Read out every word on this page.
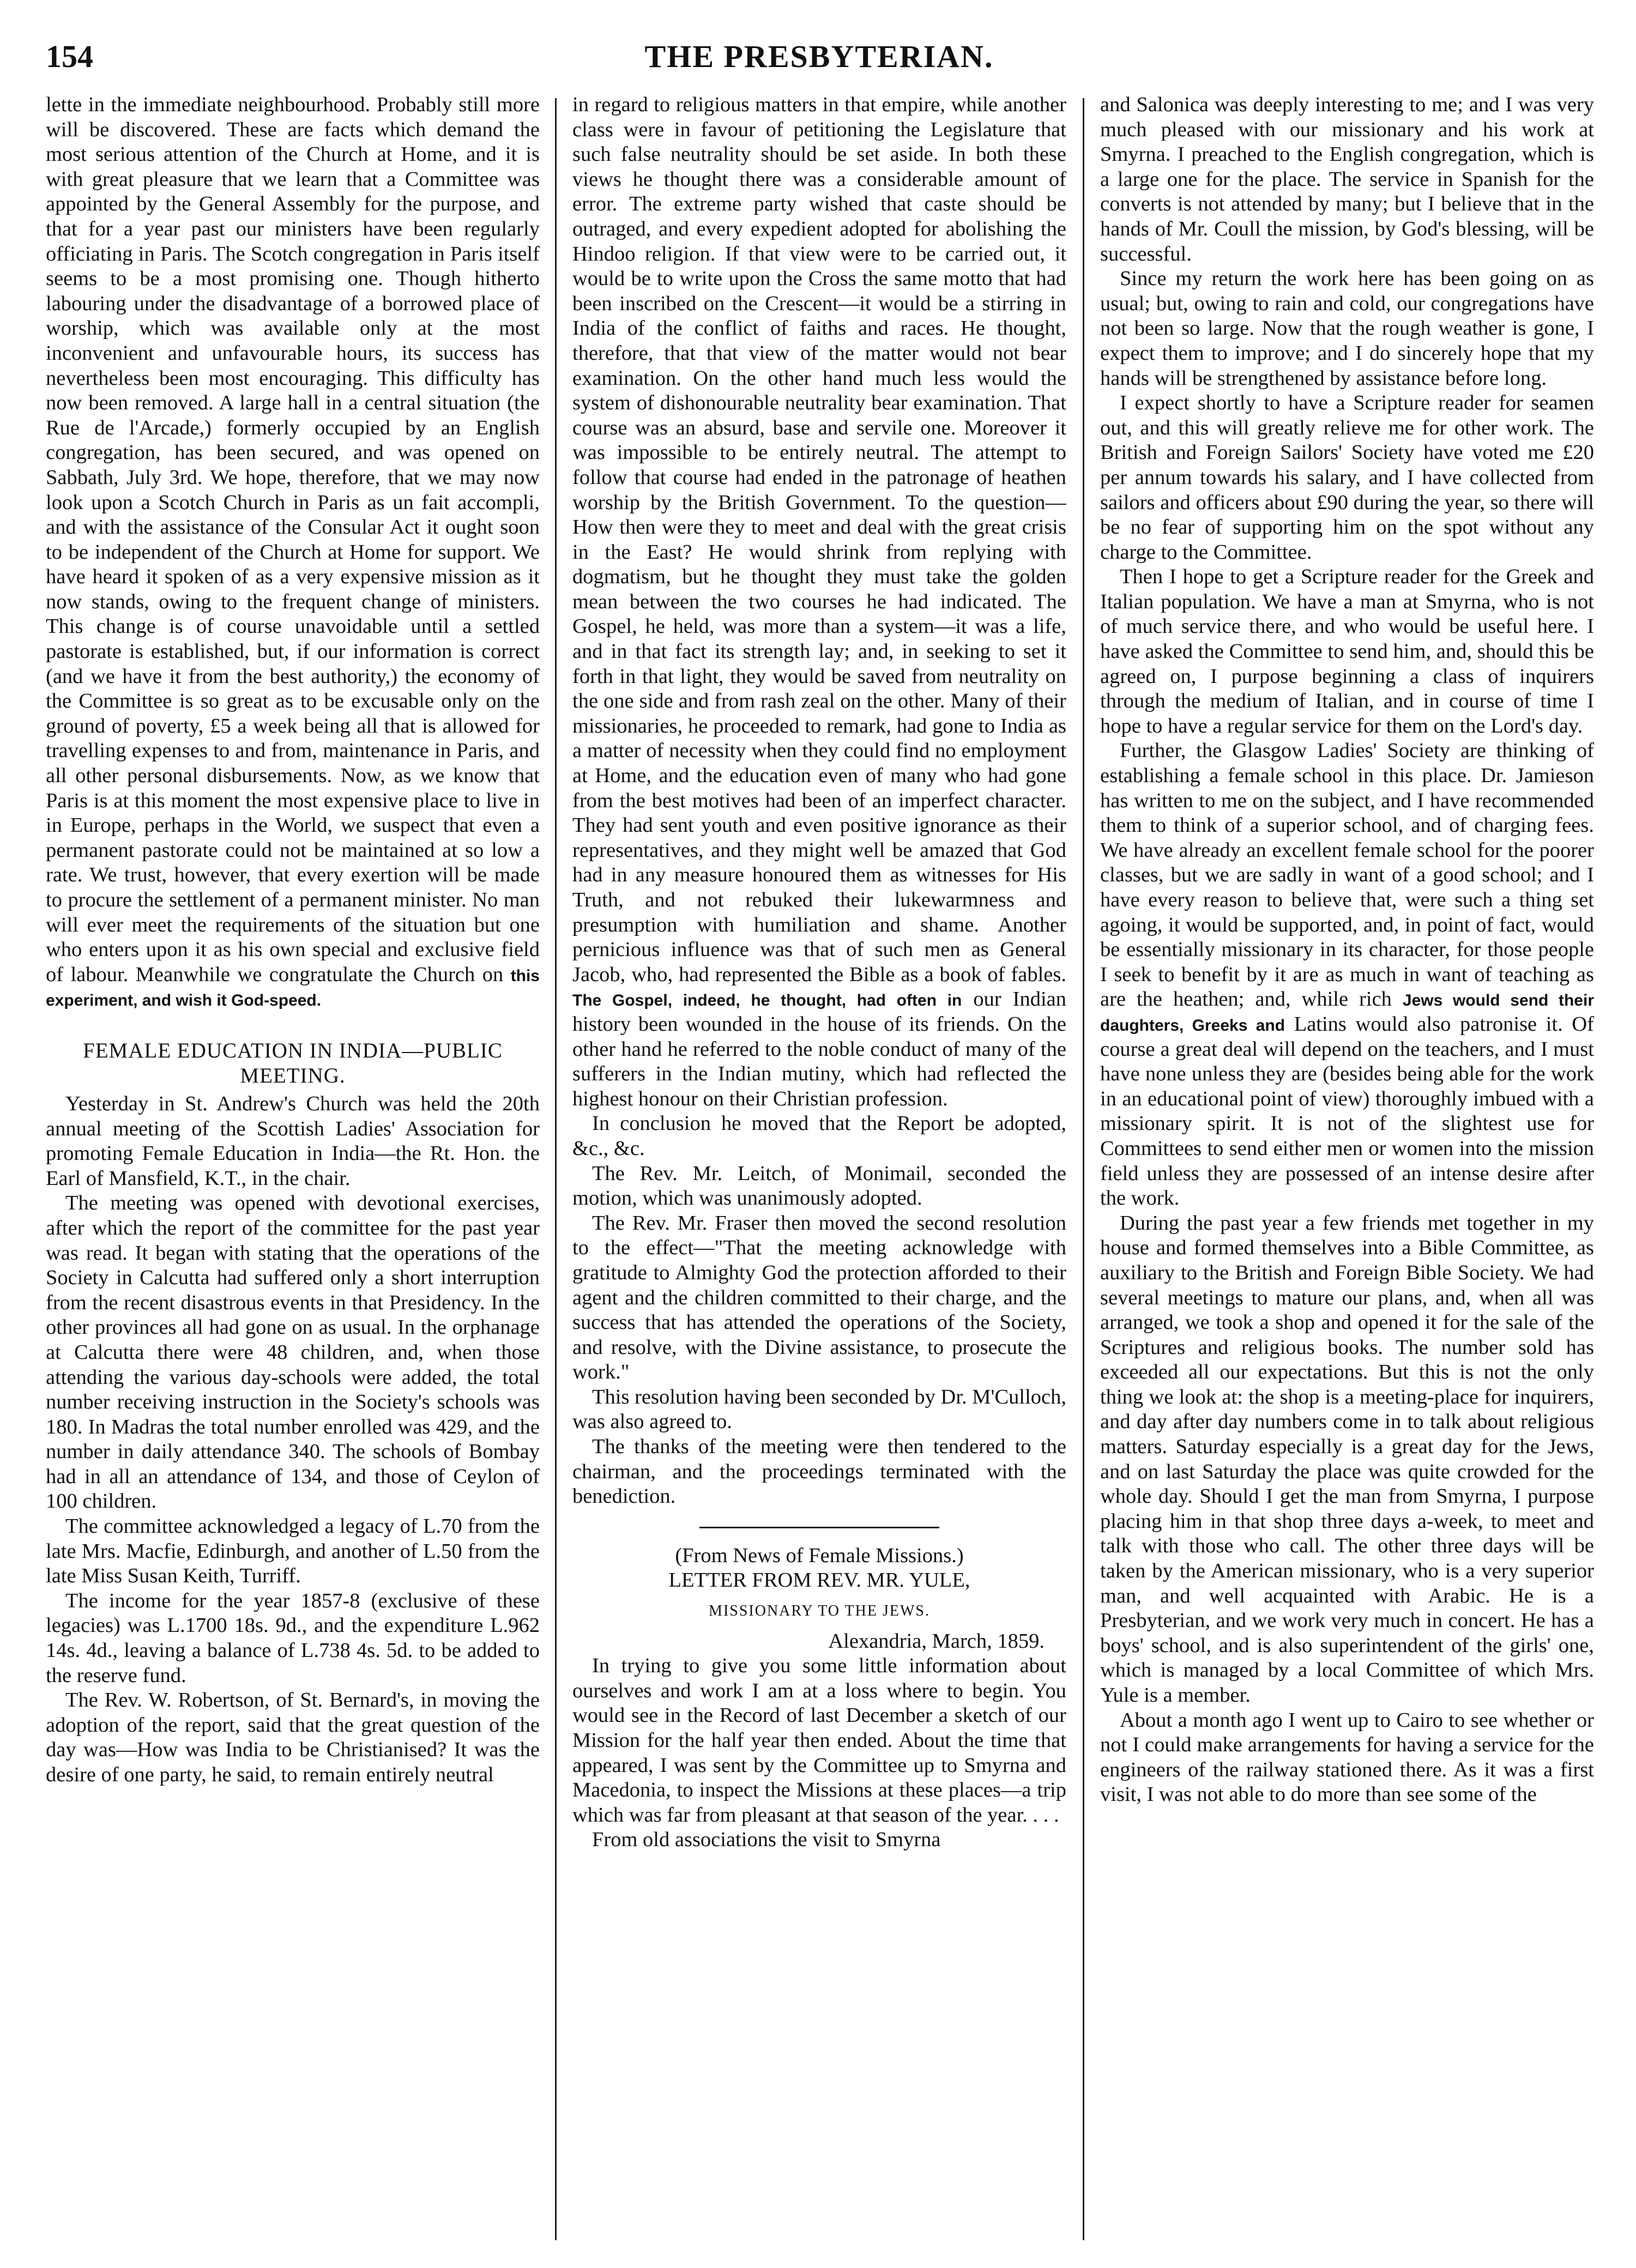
154	THE PRESBYTERIAN.

lette in the immediate neighbourhood. Probably still more will be discovered. These are facts which demand the most serious attention of the Church at Home, and it is with great pleasure that we learn that a Committee was appointed by the General Assembly for the purpose, and that for a year past our ministers have been regularly officiating in Paris. The Scotch congregation in Paris itself seems to be a most promising one. Though hitherto labouring under the disadvantage of a borrowed place of worship, which was available only at the most inconvenient and unfavourable hours, its success has nevertheless been most encouraging. This difficulty has now been removed. A large hall in a central situation (the Rue de l'Arcade,) formerly occupied by an English congregation, has been secured, and was opened on Sabbath, July 3rd. We hope, therefore, that we may now look upon a Scotch Church in Paris as un fait accompli, and with the assistance of the Consular Act it ought soon to be independent of the Church at Home for support. We have heard it spoken of as a very expensive mission as it now stands, owing to the frequent change of ministers. This change is of course unavoidable until a settled pastorate is established, but, if our information is correct (and we have it from the best authority,) the economy of the Committee is so great as to be excusable only on the ground of poverty, £5 a week being all that is allowed for travelling expenses to and from, maintenance in Paris, and all other personal disbursements. Now, as we know that Paris is at this moment the most expensive place to live in in Europe, perhaps in the World, we suspect that even a permanent pastorate could not be maintained at so low a rate. We trust, however, that every exertion will be made to procure the settlement of a permanent minister. No man will ever meet the requirements of the situation but one who enters upon it as his own special and exclusive field of labour. Meanwhile we congratulate the Church on this experiment, and wish it God-speed.

FEMALE EDUCATION IN INDIA—PUBLIC MEETING.

Yesterday in St. Andrew's Church was held the 20th annual meeting of the Scottish Ladies' Association for promoting Female Education in India—the Rt. Hon. the Earl of Mansfield, K.T., in the chair.

The meeting was opened with devotional exercises, after which the report of the committee for the past year was read. It began with stating that the operations of the Society in Calcutta had suffered only a short interruption from the recent disastrous events in that Presidency. In the other provinces all had gone on as usual. In the orphanage at Calcutta there were 48 children, and, when those attending the various day-schools were added, the total number receiving instruction in the Society's schools was 180. In Madras the total number enrolled was 429, and the number in daily attendance 340. The schools of Bombay had in all an attendance of 134, and those of Ceylon of 100 children.

The committee acknowledged a legacy of L.70 from the late Mrs. Macfie, Edinburgh, and another of L.50 from the late Miss Susan Keith, Turriff.

The income for the year 1857-8 (exclusive of these legacies) was L.1700 18s. 9d., and the expenditure L.962 14s. 4d., leaving a balance of L.738 4s. 5d. to be added to the reserve fund.

The Rev. W. Robertson, of St. Bernard's, in moving the adoption of the report, said that the great question of the day was—How was India to be Christianised? It was the desire of one party, he said, to remain entirely neutral

in regard to religious matters in that empire, while another class were in favour of petitioning the Legislature that such false neutrality should be set aside. In both these views he thought there was a considerable amount of error. The extreme party wished that caste should be outraged, and every expedient adopted for abolishing the Hindoo religion. If that view were to be carried out, it would be to write upon the Cross the same motto that had been inscribed on the Crescent—it would be a stirring in India of the conflict of faiths and races. He thought, therefore, that that view of the matter would not bear examination. On the other hand much less would the system of dishonourable neutrality bear examination. That course was an absurd, base and servile one. Moreover it was impossible to be entirely neutral. The attempt to follow that course had ended in the patronage of heathen worship by the British Government. To the question—How then were they to meet and deal with the great crisis in the East? He would shrink from replying with dogmatism, but he thought they must take the golden mean between the two courses he had indicated. The Gospel, he held, was more than a system—it was a life, and in that fact its strength lay; and, in seeking to set it forth in that light, they would be saved from neutrality on the one side and from rash zeal on the other. Many of their missionaries, he proceeded to remark, had gone to India as a matter of necessity when they could find no employment at Home, and the education even of many who had gone from the best motives had been of an imperfect character. They had sent youth and even positive ignorance as their representatives, and they might well be amazed that God had in any measure honoured them as witnesses for His Truth, and not rebuked their lukewarmness and presumption with humiliation and shame. Another pernicious influence was that of such men as General Jacob, who, had represented the Bible as a book of fables. The Gospel, indeed, he thought, had often in our Indian history been wounded in the house of its friends. On the other hand he referred to the noble conduct of many of the sufferers in the Indian mutiny, which had reflected the highest honour on their Christian profession.

In conclusion he moved that the Report be adopted, &c., &c.

The Rev. Mr. Leitch, of Monimail, seconded the motion, which was unanimously adopted.

The Rev. Mr. Fraser then moved the second resolution to the effect—"That the meeting acknowledge with gratitude to Almighty God the protection afforded to their agent and the children committed to their charge, and the success that has attended the operations of the Society, and resolve, with the Divine assistance, to prosecute the work."

This resolution having been seconded by Dr. M'Culloch, was also agreed to.

The thanks of the meeting were then tendered to the chairman, and the proceedings terminated with the benediction.

(From News of Female Missions.)

LETTER FROM REV. MR. YULE,

MISSIONARY TO THE JEWS.

Alexandria, March, 1859.

In trying to give you some little information about ourselves and work I am at a loss where to begin. You would see in the Record of last December a sketch of our Mission for the half year then ended. About the time that appeared, I was sent by the Committee up to Smyrna and Macedonia, to inspect the Missions at these places—a trip which was far from pleasant at that season of the year. . . .

From old associations the visit to Smyrna

and Salonica was deeply interesting to me; and I was very much pleased with our missionary and his work at Smyrna. I preached to the English congregation, which is a large one for the place. The service in Spanish for the converts is not attended by many; but I believe that in the hands of Mr. Coull the mission, by God's blessing, will be successful.

Since my return the work here has been going on as usual; but, owing to rain and cold, our congregations have not been so large. Now that the rough weather is gone, I expect them to improve; and I do sincerely hope that my hands will be strengthened by assistance before long.

I expect shortly to have a Scripture reader for seamen out, and this will greatly relieve me for other work. The British and Foreign Sailors' Society have voted me £20 per annum towards his salary, and I have collected from sailors and officers about £90 during the year, so there will be no fear of supporting him on the spot without any charge to the Committee.

Then I hope to get a Scripture reader for the Greek and Italian population. We have a man at Smyrna, who is not of much service there, and who would be useful here. I have asked the Committee to send him, and, should this be agreed on, I purpose beginning a class of inquirers through the medium of Italian, and in course of time I hope to have a regular service for them on the Lord's day.

Further, the Glasgow Ladies' Society are thinking of establishing a female school in this place. Dr. Jamieson has written to me on the subject, and I have recommended them to think of a superior school, and of charging fees. We have already an excellent female school for the poorer classes, but we are sadly in want of a good school; and I have every reason to believe that, were such a thing set agoing, it would be supported, and, in point of fact, would be essentially missionary in its character, for those people I seek to benefit by it are as much in want of teaching as are the heathen; and, while rich Jews would send their daughters, Greeks and Latins would also patronise it. Of course a great deal will depend on the teachers, and I must have none unless they are (besides being able for the work in an educational point of view) thoroughly imbued with a missionary spirit. It is not of the slightest use for Committees to send either men or women into the mission field unless they are possessed of an intense desire after the work.

During the past year a few friends met together in my house and formed themselves into a Bible Committee, as auxiliary to the British and Foreign Bible Society. We had several meetings to mature our plans, and, when all was arranged, we took a shop and opened it for the sale of the Scriptures and religious books. The number sold has exceeded all our expectations. But this is not the only thing we look at: the shop is a meeting-place for inquirers, and day after day numbers come in to talk about religious matters. Saturday especially is a great day for the Jews, and on last Saturday the place was quite crowded for the whole day. Should I get the man from Smyrna, I purpose placing him in that shop three days a-week, to meet and talk with those who call. The other three days will be taken by the American missionary, who is a very superior man, and well acquainted with Arabic. He is a Presbyterian, and we work very much in concert. He has a boys' school, and is also superintendent of the girls' one, which is managed by a local Committee of which Mrs. Yule is a member.

About a month ago I went up to Cairo to see whether or not I could make arrangements for having a service for the engineers of the railway stationed there. As it was a first visit, I was not able to do more than see some of the
